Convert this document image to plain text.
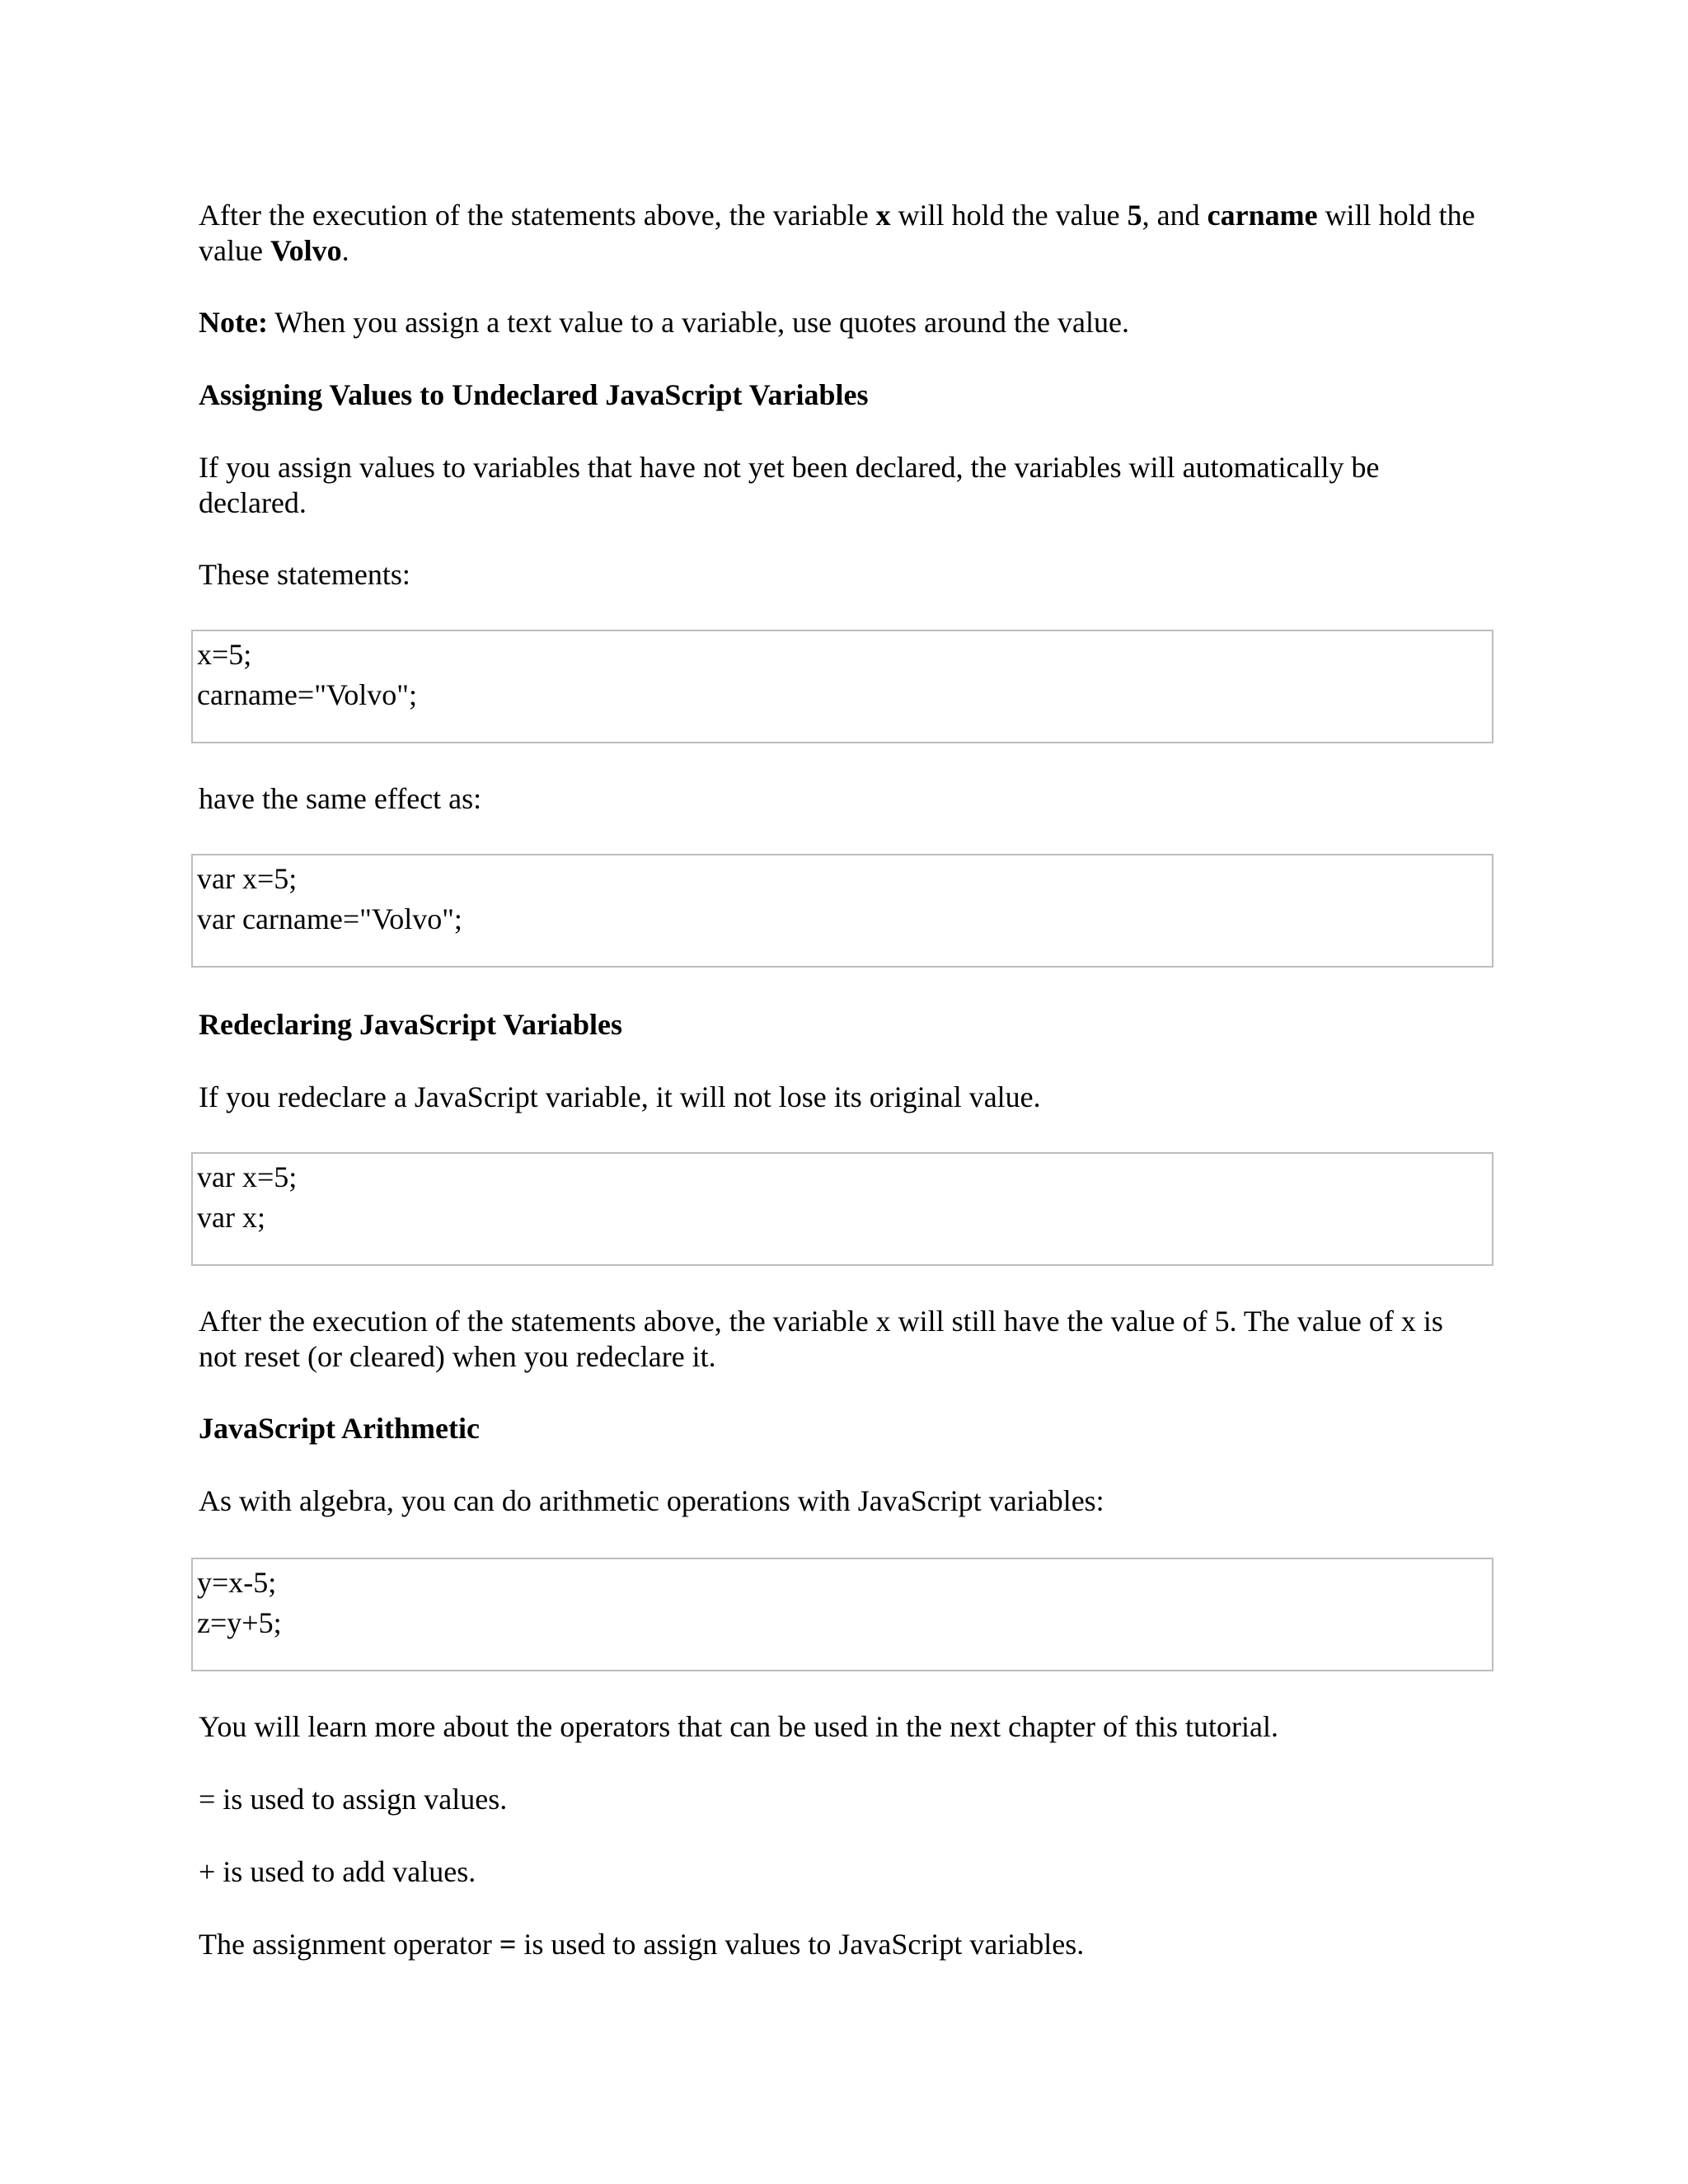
After the execution of the statements above, the variable x will hold the value 5, and carname will hold the value Volvo.

Note: When you assign a text value to a variable, use quotes around the value.

Assigning Values to Undeclared JavaScript Variables

If you assign values to variables that have not yet been declared, the variables will automatically be declared.

These statements:

x=5;
carname="Volvo";

have the same effect as:

var x=5;
var carname="Volvo";

Redeclaring JavaScript Variables

If you redeclare a JavaScript variable, it will not lose its original value.

var x=5;
var x;

After the execution of the statements above, the variable x will still have the value of 5. The value of x is not reset (or cleared) when you redeclare it.

JavaScript Arithmetic

As with algebra, you can do arithmetic operations with JavaScript variables:

y=x-5;
z=y+5;

You will learn more about the operators that can be used in the next chapter of this tutorial.

= is used to assign values.

+ is used to add values.

The assignment operator = is used to assign values to JavaScript variables.
